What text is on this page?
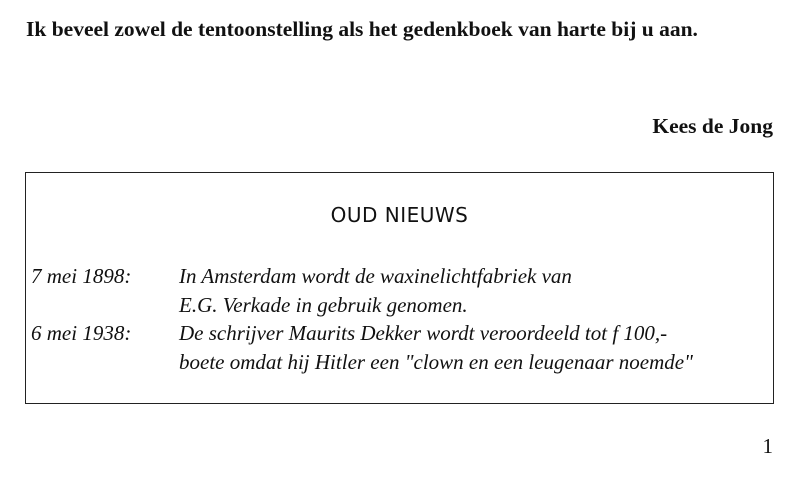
Ik beveel zowel de tentoonstelling als het gedenkboek van harte bij u aan.

Kees de Jong

OUD NIEUWS
7 mei 1898:	In Amsterdam wordt de waxinelichtfabriek van
E.G. Verkade in gebruik genomen.
6 mei 1938:	De schrijver Maurits Dekker wordt veroordeeld tot f 100,-
boete omdat hij Hitler een "clown en een leugenaar noemde"

1
